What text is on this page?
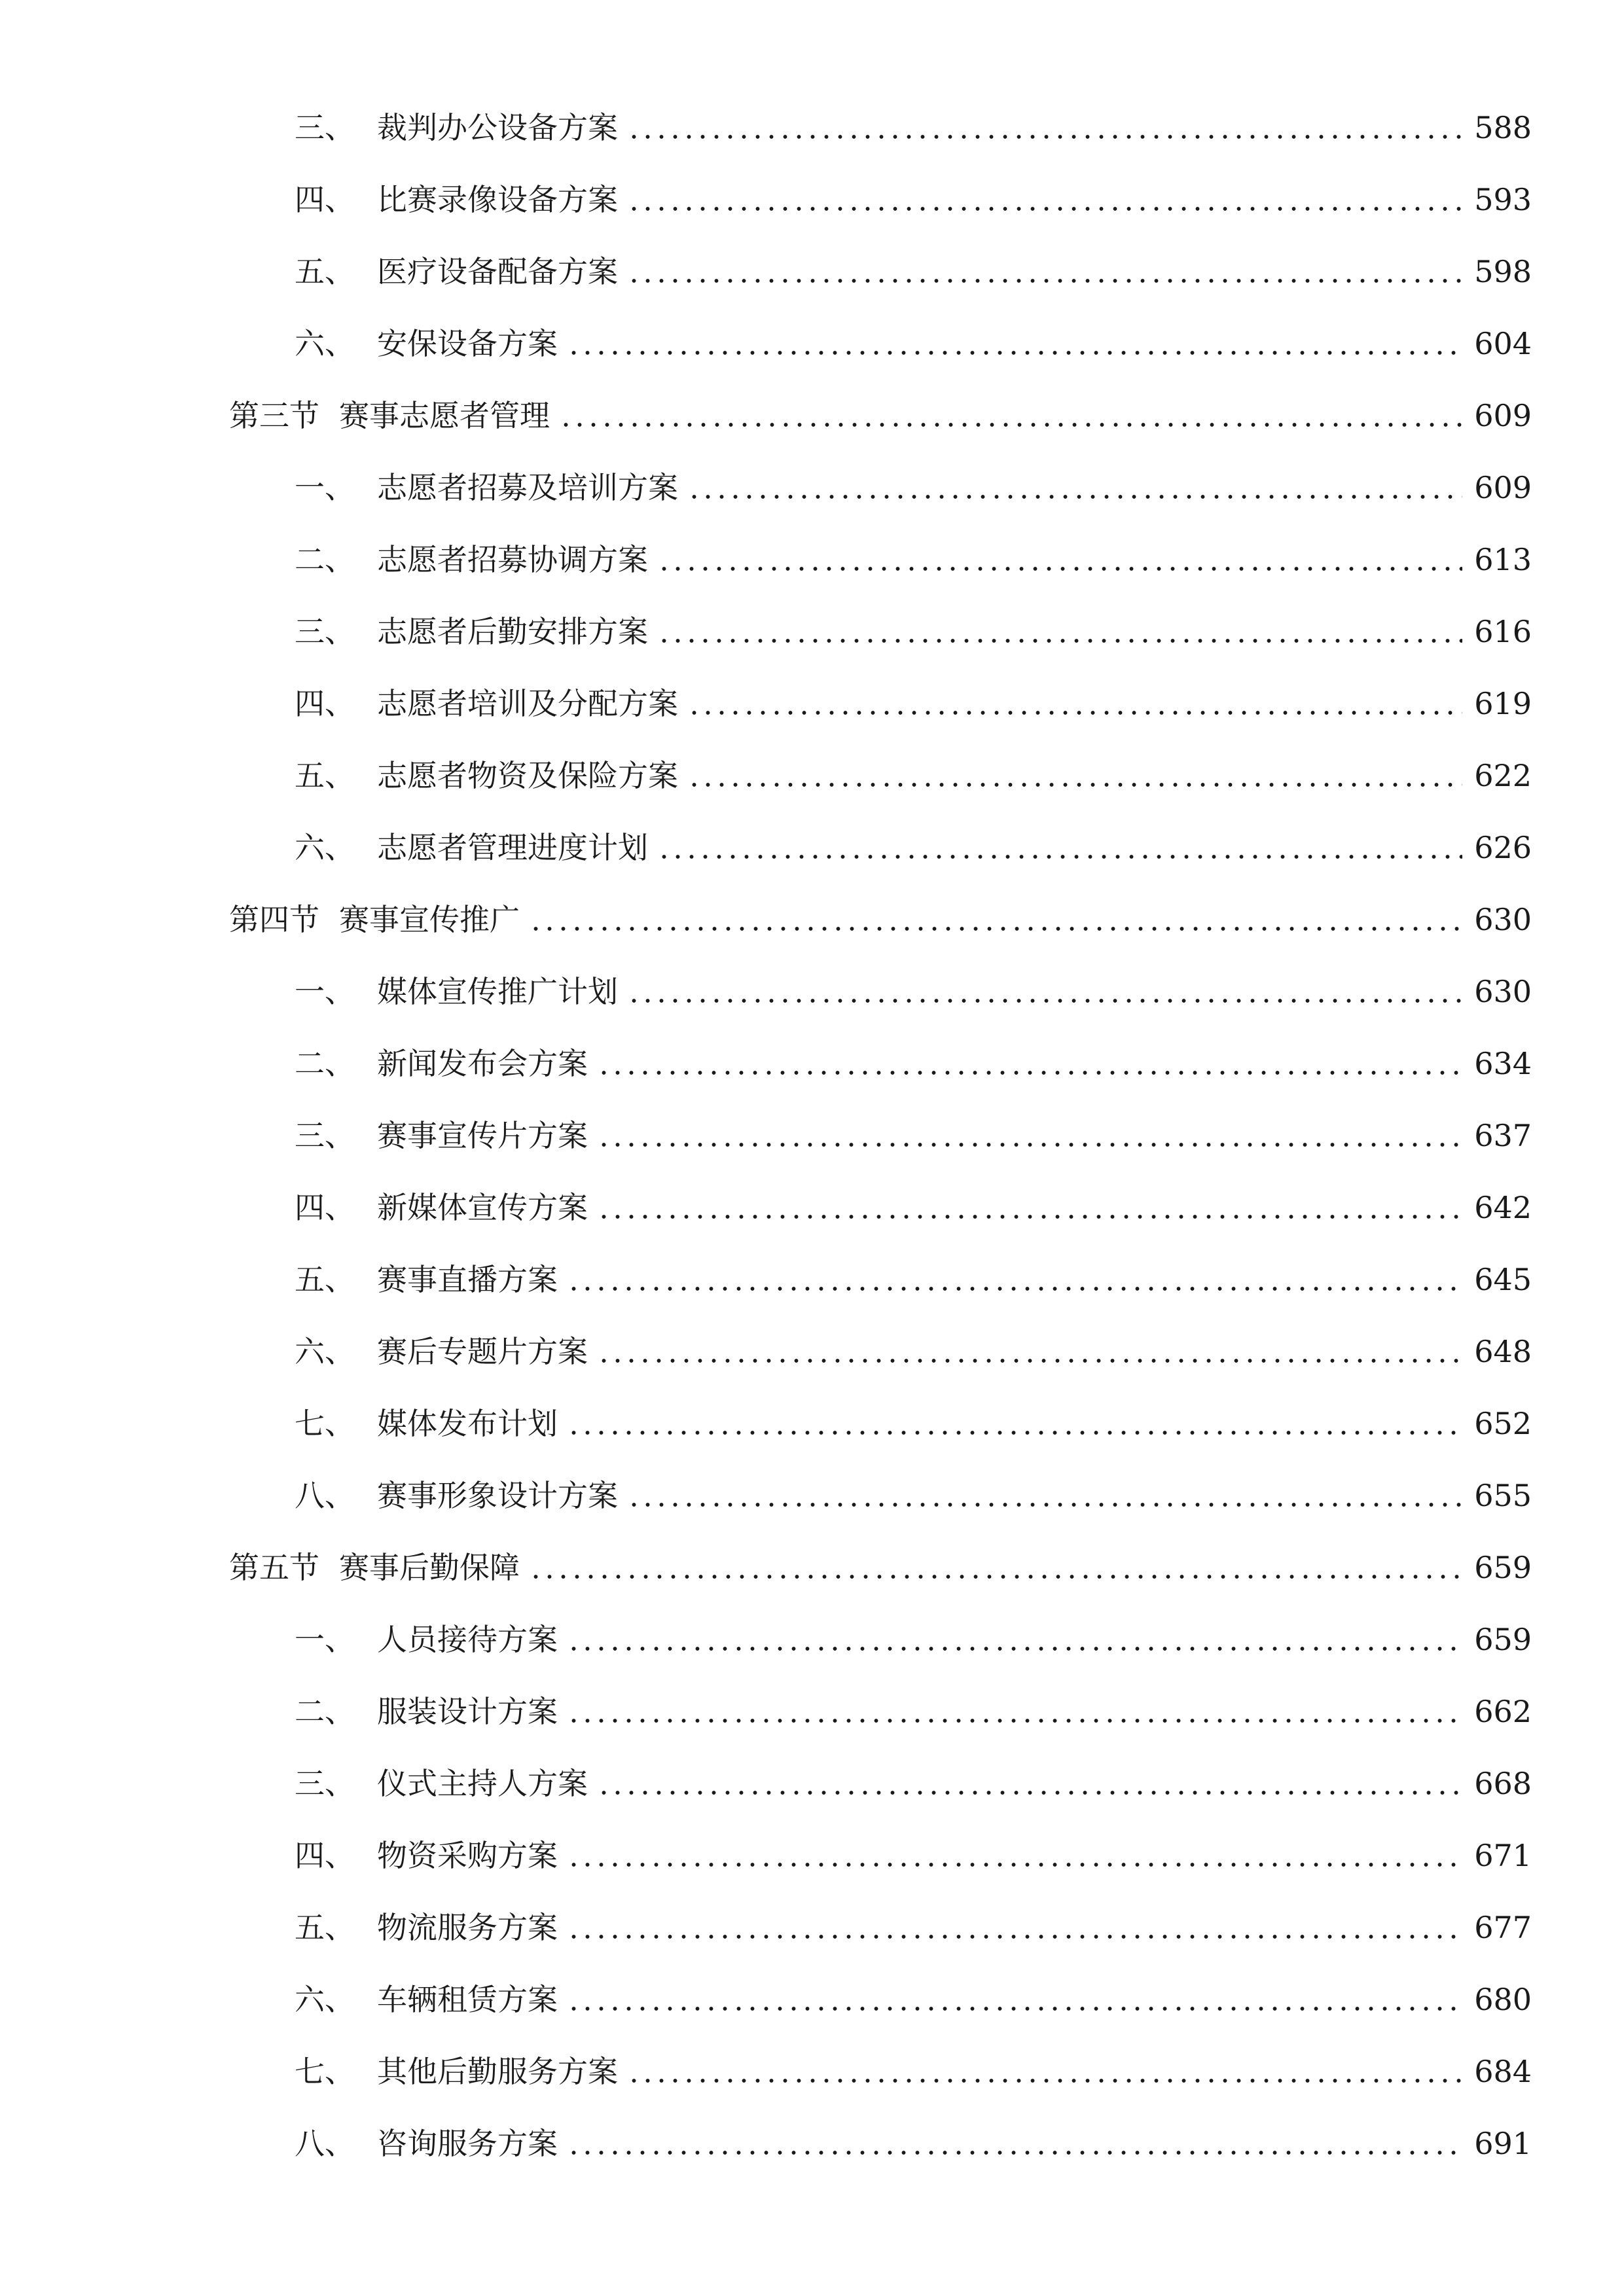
三、 裁判办公设备方案	588
四、 比赛录像设备方案	593
五、 医疗设备配备方案	598
六、 安保设备方案	604
第三节 赛事志愿者管理	609
一、 志愿者招募及培训方案	609
二、 志愿者招募协调方案	613
三、 志愿者后勤安排方案	616
四、 志愿者培训及分配方案	619
五、 志愿者物资及保险方案	622
六、 志愿者管理进度计划	626
第四节 赛事宣传推广	630
一、 媒体宣传推广计划	630
二、 新闻发布会方案	634
三、 赛事宣传片方案	637
四、 新媒体宣传方案	642
五、 赛事直播方案	645
六、 赛后专题片方案	648
七、 媒体发布计划	652
八、 赛事形象设计方案	655
第五节 赛事后勤保障	659
一、 人员接待方案	659
二、 服装设计方案	662
三、 仪式主持人方案	668
四、 物资采购方案	671
五、 物流服务方案	677
六、 车辆租赁方案	680
七、 其他后勤服务方案	684
八、 咨询服务方案	691
